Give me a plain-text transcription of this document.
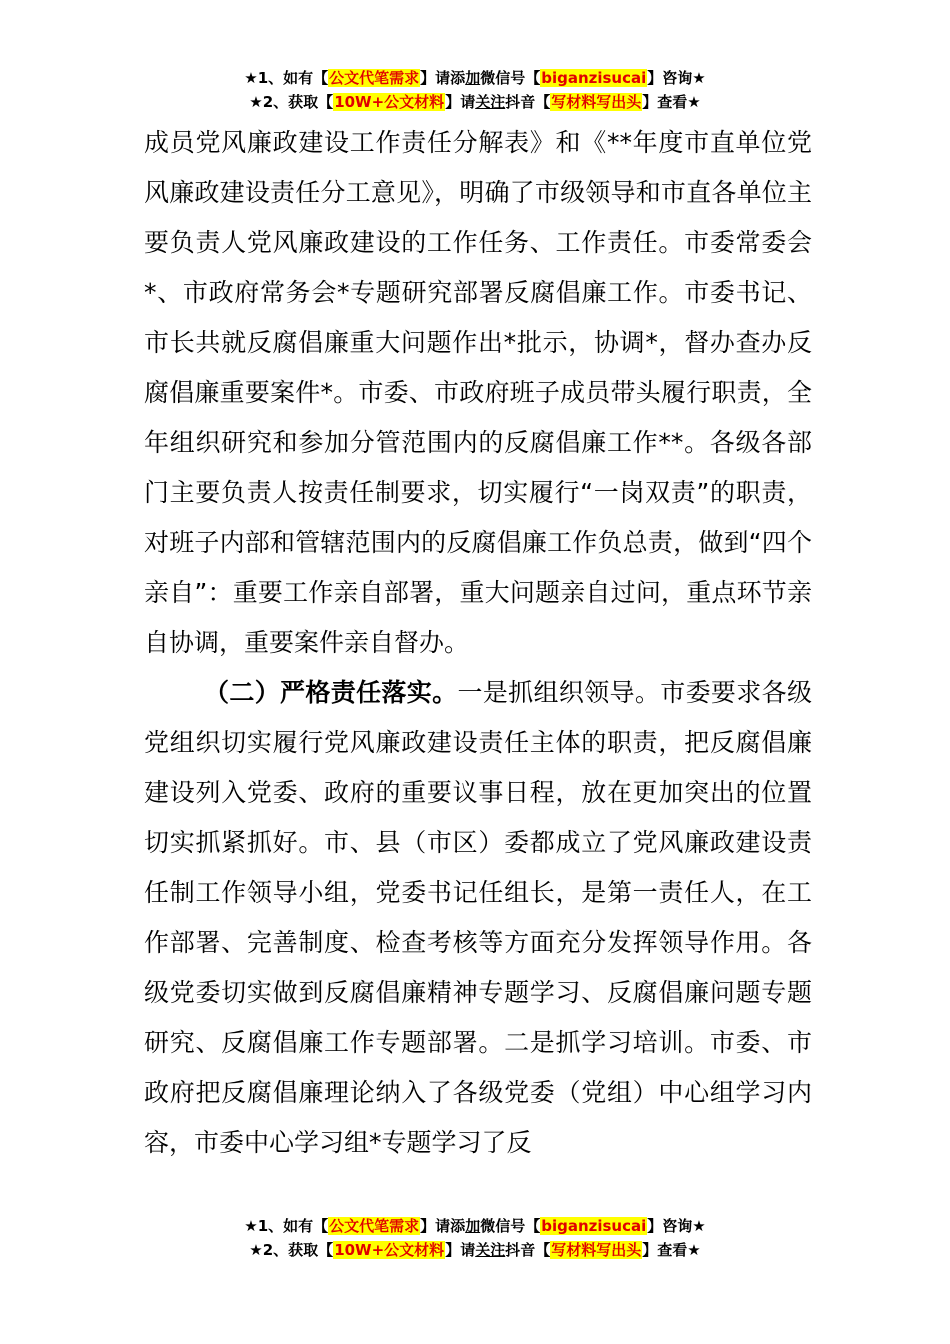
★1、如有【公文代笔需求】请添加微信号【biganzisucai】咨询★
★2、获取【10W+公文材料】请关注抖音【写材料写出头】查看★

成员党风廉政建设工作责任分解表》和《**年度市直单位党风廉政建设责任分工意见》，明确了市级领导和市直各单位主要负责人党风廉政建设的工作任务、工作责任。市委常委会*、市政府常务会*专题研究部署反腐倡廉工作。市委书记、市长共就反腐倡廉重大问题作出*批示，协调*，督办查办反腐倡廉重要案件*。市委、市政府班子成员带头履行职责，全年组织研究和参加分管范围内的反腐倡廉工作**。各级各部门主要负责人按责任制要求，切实履行“一岗双责”的职责，对班子内部和管辖范围内的反腐倡廉工作负总责，做到“四个亲自”：重要工作亲自部署，重大问题亲自过问，重点环节亲自协调，重要案件亲自督办。

（二）严格责任落实。一是抓组织领导。市委要求各级党组织切实履行党风廉政建设责任主体的职责，把反腐倡廉建设列入党委、政府的重要议事日程，放在更加突出的位置切实抓紧抓好。市、县（市区）委都成立了党风廉政建设责任制工作领导小组，党委书记任组长，是第一责任人，在工作部署、完善制度、检查考核等方面充分发挥领导作用。各级党委切实做到反腐倡廉精神专题学习、反腐倡廉问题专题研究、反腐倡廉工作专题部署。二是抓学习培训。市委、市政府把反腐倡廉理论纳入了各级党委（党组）中心组学习内容，市委中心学习组*专题学习了反

★1、如有【公文代笔需求】请添加微信号【biganzisucai】咨询★
★2、获取【10W+公文材料】请关注抖音【写材料写出头】查看★
